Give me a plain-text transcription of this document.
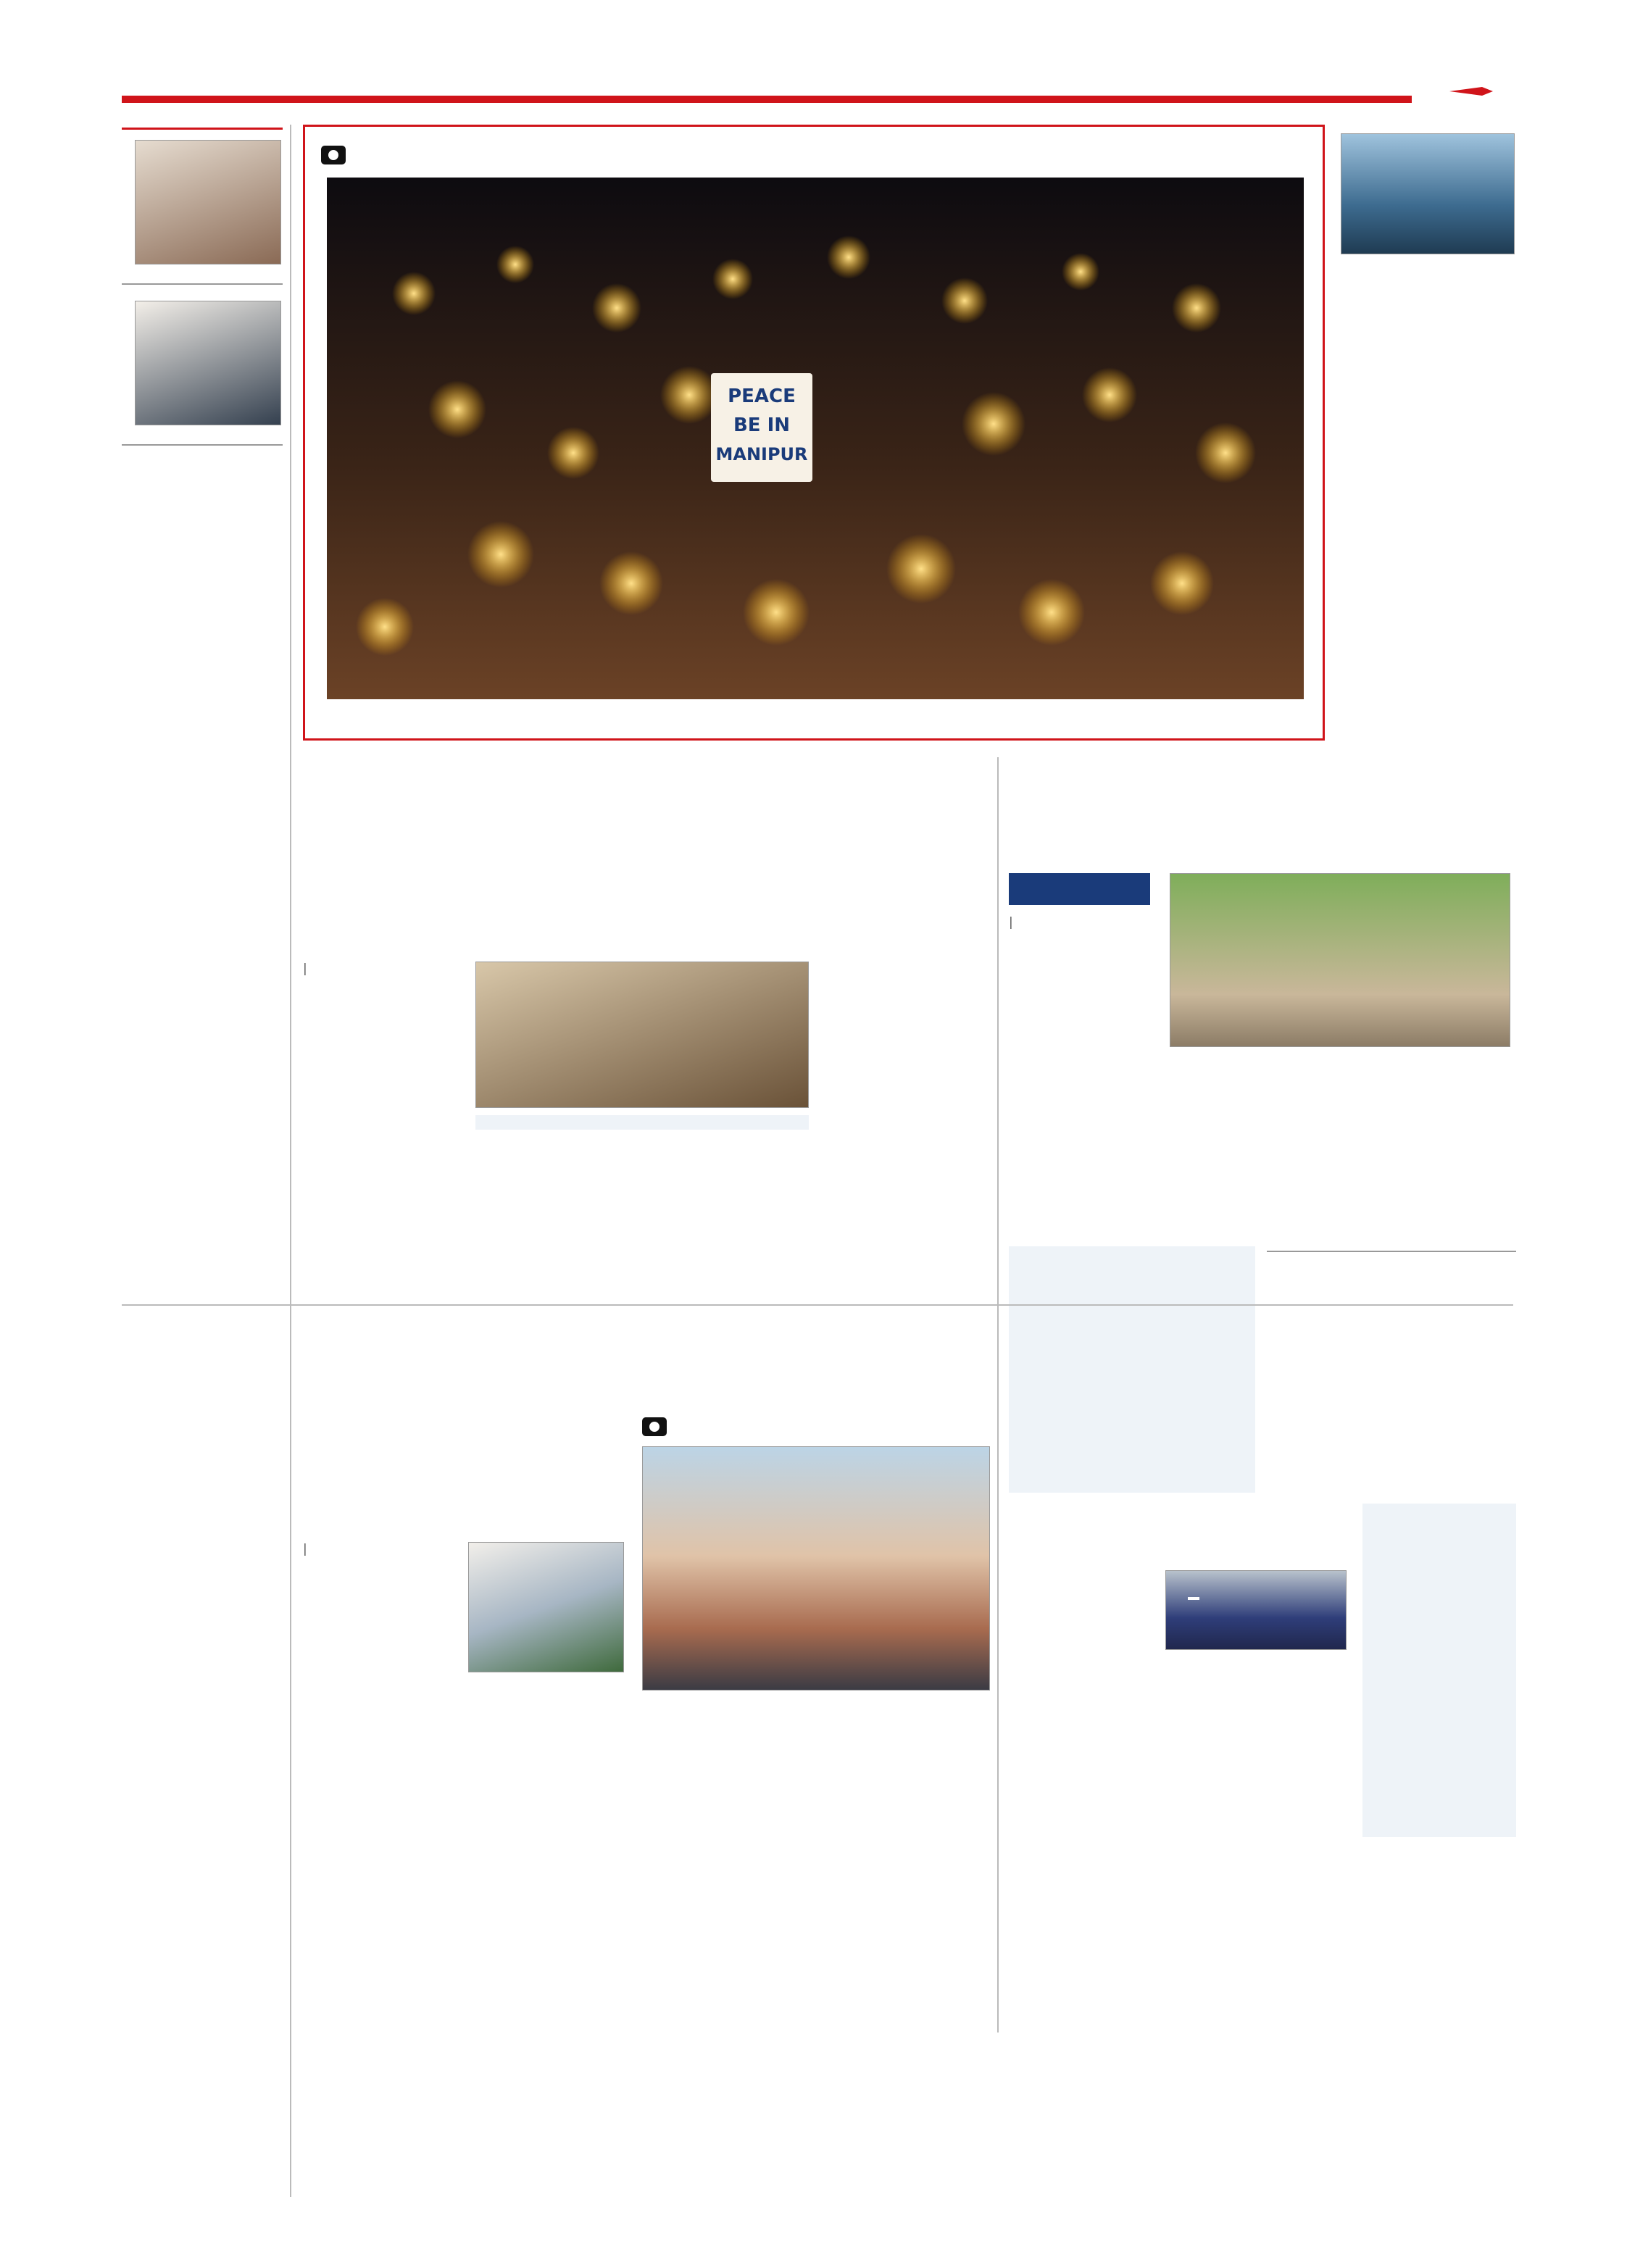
PEACE
BE IN
MANIPUR
|
|
|
